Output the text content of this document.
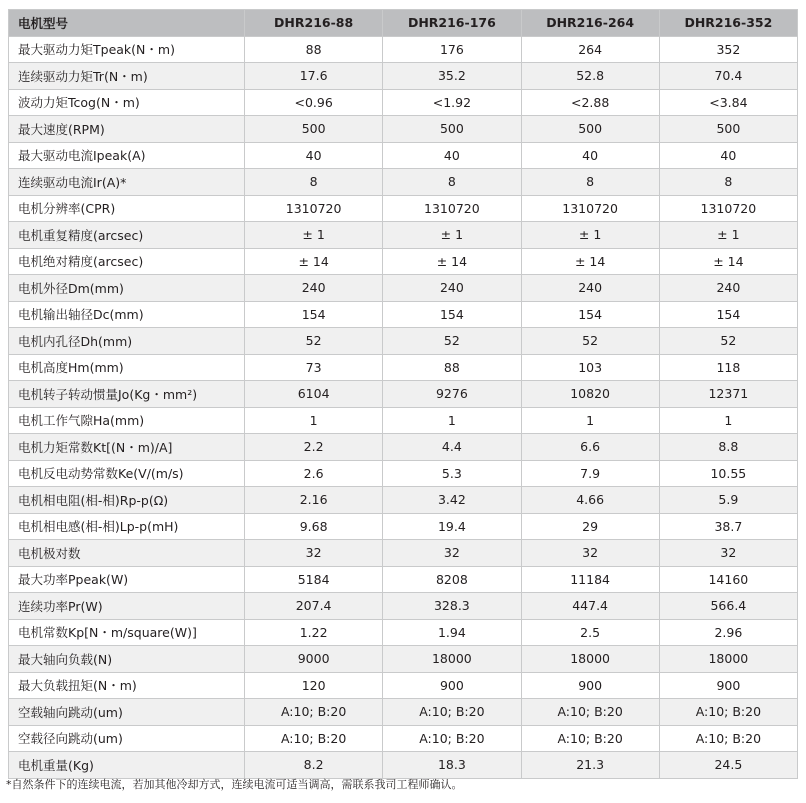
电机型号	DHR216-88	DHR216-176	DHR216-264	DHR216-352
最大驱动力矩Tpeak(N・m)	88	176	264	352
连续驱动力矩Tr(N・m)	17.6	35.2	52.8	70.4
波动力矩Tcog(N・m)	<0.96	<1.92	<2.88	<3.84
最大速度(RPM)	500	500	500	500
最大驱动电流Ipeak(A)	40	40	40	40
连续驱动电流Ir(A)*	8	8	8	8
电机分辨率(CPR)	1310720	1310720	1310720	1310720
电机重复精度(arcsec)	± 1	± 1	± 1	± 1
电机绝对精度(arcsec)	± 14	± 14	± 14	± 14
电机外径Dm(mm)	240	240	240	240
电机输出轴径Dc(mm)	154	154	154	154
电机内孔径Dh(mm)	52	52	52	52
电机高度Hm(mm)	73	88	103	118
电机转子转动惯量Jo(Kg・mm²)	6104	9276	10820	12371
电机工作气隙Ha(mm)	1	1	1	1
电机力矩常数Kt[(N・m)/A]	2.2	4.4	6.6	8.8
电机反电动势常数Ke(V/(m/s)	2.6	5.3	7.9	10.55
电机相电阻(相-相)Rp-p(Ω)	2.16	3.42	4.66	5.9
电机相电感(相-相)Lp-p(mH)	9.68	19.4	29	38.7
电机极对数	32	32	32	32
最大功率Ppeak(W)	5184	8208	11184	14160
连续功率Pr(W)	207.4	328.3	447.4	566.4
电机常数Kp[N・m/square(W)]	1.22	1.94	2.5	2.96
最大轴向负载(N)	9000	18000	18000	18000
最大负载扭矩(N・m)	120	900	900	900
空载轴向跳动(um)	A:10; B:20	A:10; B:20	A:10; B:20	A:10; B:20
空载径向跳动(um)	A:10; B:20	A:10; B:20	A:10; B:20	A:10; B:20
电机重量(Kg)	8.2	18.3	21.3	24.5
*自然条件下的连续电流，若加其他冷却方式，连续电流可适当调高，需联系我司工程师确认。
